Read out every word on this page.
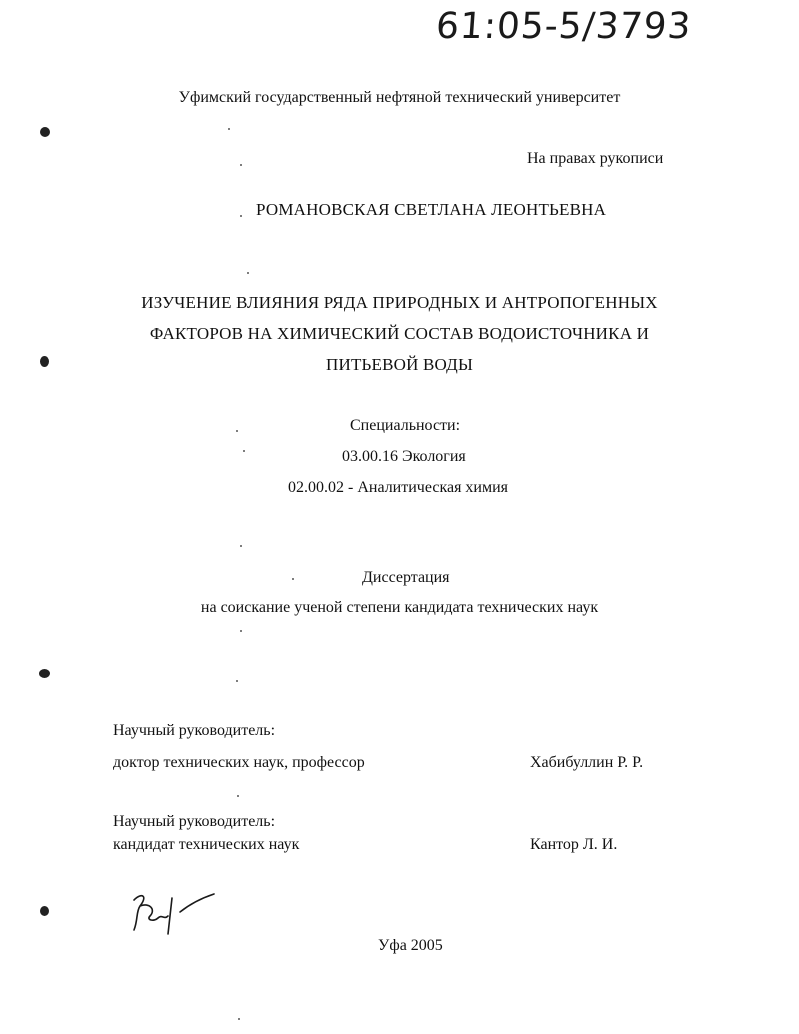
61:05-5/3793
Уфимский государственный нефтяной технический университет
На правах рукописи
РОМАНОВСКАЯ СВЕТЛАНА ЛЕОНТЬЕВНА
ИЗУЧЕНИЕ ВЛИЯНИЯ РЯДА ПРИРОДНЫХ И АНТРОПОГЕННЫХ
ФАКТОРОВ НА ХИМИЧЕСКИЙ СОСТАВ ВОДОИСТОЧНИКА И
ПИТЬЕВОЙ ВОДЫ
Специальности:
03.00.16 Экология
02.00.02 - Аналитическая химия
Диссертация
на соискание ученой степени кандидата технических наук
Научный руководитель:
доктор технических наук, профессор	Хабибуллин Р. Р.
Научный руководитель:
кандидат технических наук	Кантор Л. И.
Уфа 2005
